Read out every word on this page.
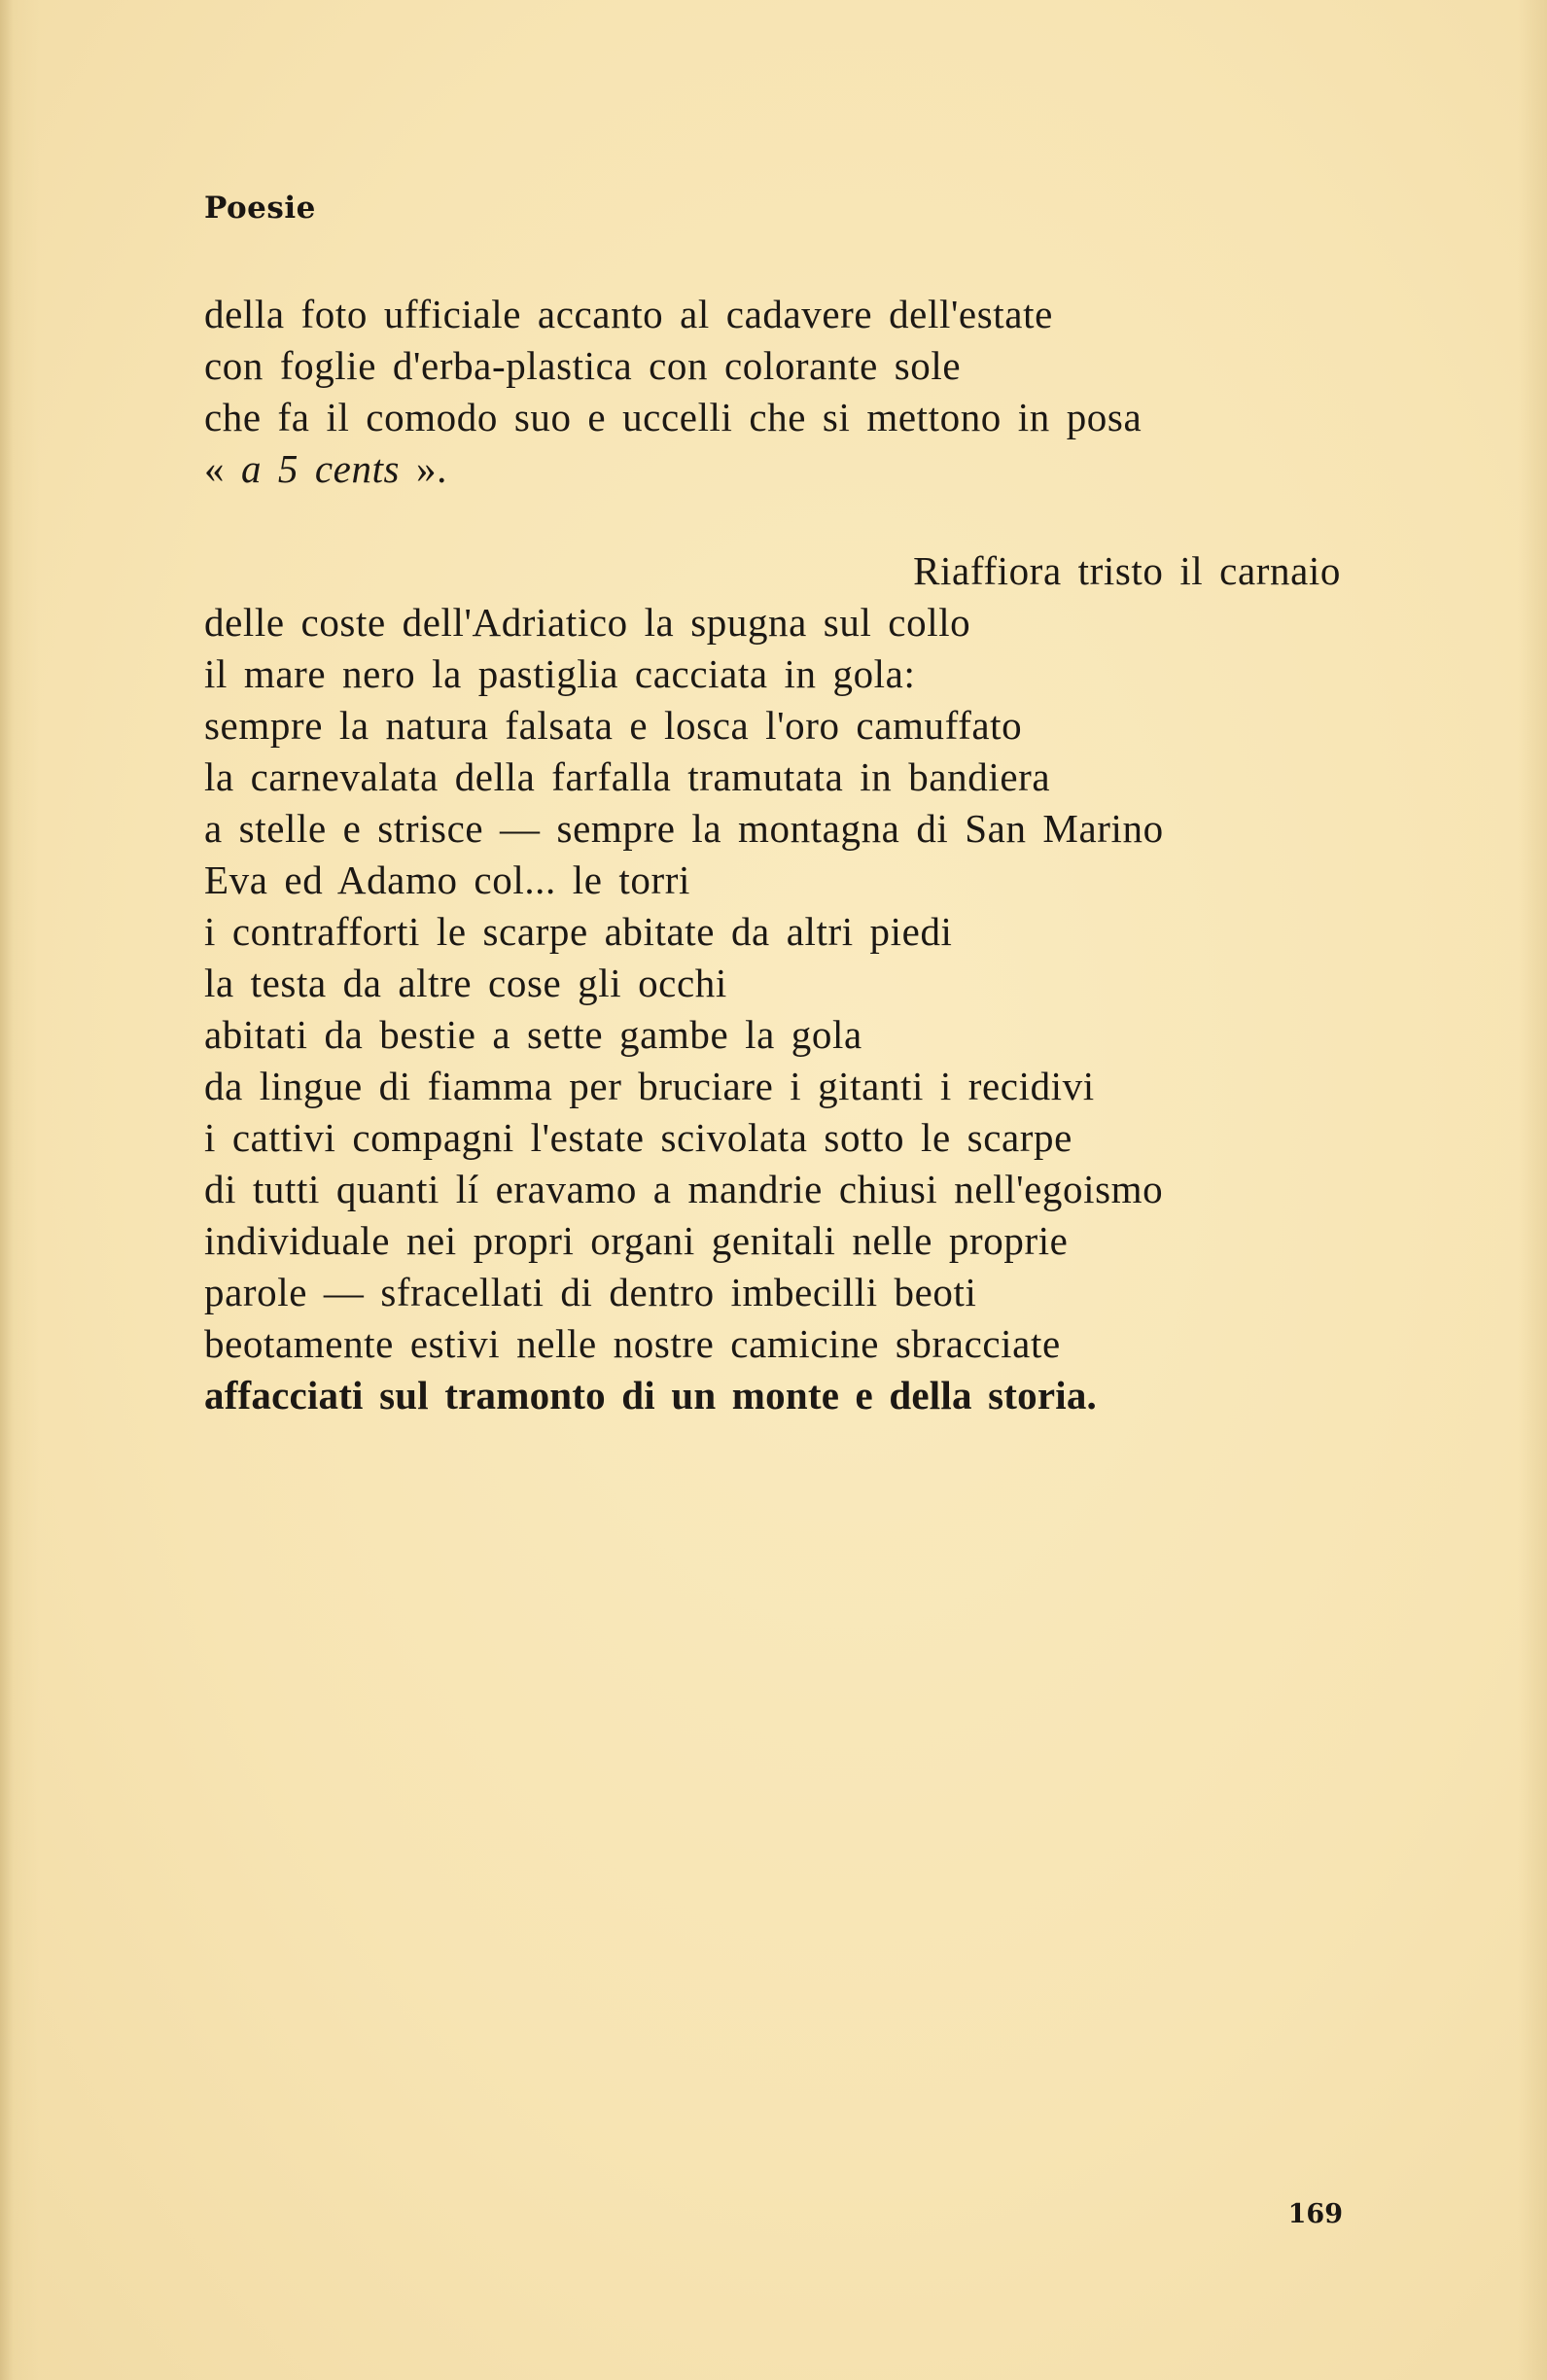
Poesie

della foto ufficiale accanto al cadavere dell'estate
con foglie d'erba-plastica con colorante sole
che fa il comodo suo e uccelli che si mettono in posa
« a 5 cents ».

Riaffiora tristo il carnaio
delle coste dell'Adriatico la spugna sul collo
il mare nero la pastiglia cacciata in gola:
sempre la natura falsata e losca l'oro camuffato
la carnevalata della farfalla tramutata in bandiera
a stelle e strisce — sempre la montagna di San Marino
Eva ed Adamo col... le torri
i contrafforti le scarpe abitate da altri piedi
la testa da altre cose gli occhi
abitati da bestie a sette gambe la gola
da lingue di fiamma per bruciare i gitanti i recidivi
i cattivi compagni l'estate scivolata sotto le scarpe
di tutti quanti lí eravamo a mandrie chiusi nell'egoismo
individuale nei propri organi genitali nelle proprie
parole — sfracellati di dentro imbecilli beoti
beotamente estivi nelle nostre camicine sbracciate
affacciati sul tramonto di un monte e della storia.

169
